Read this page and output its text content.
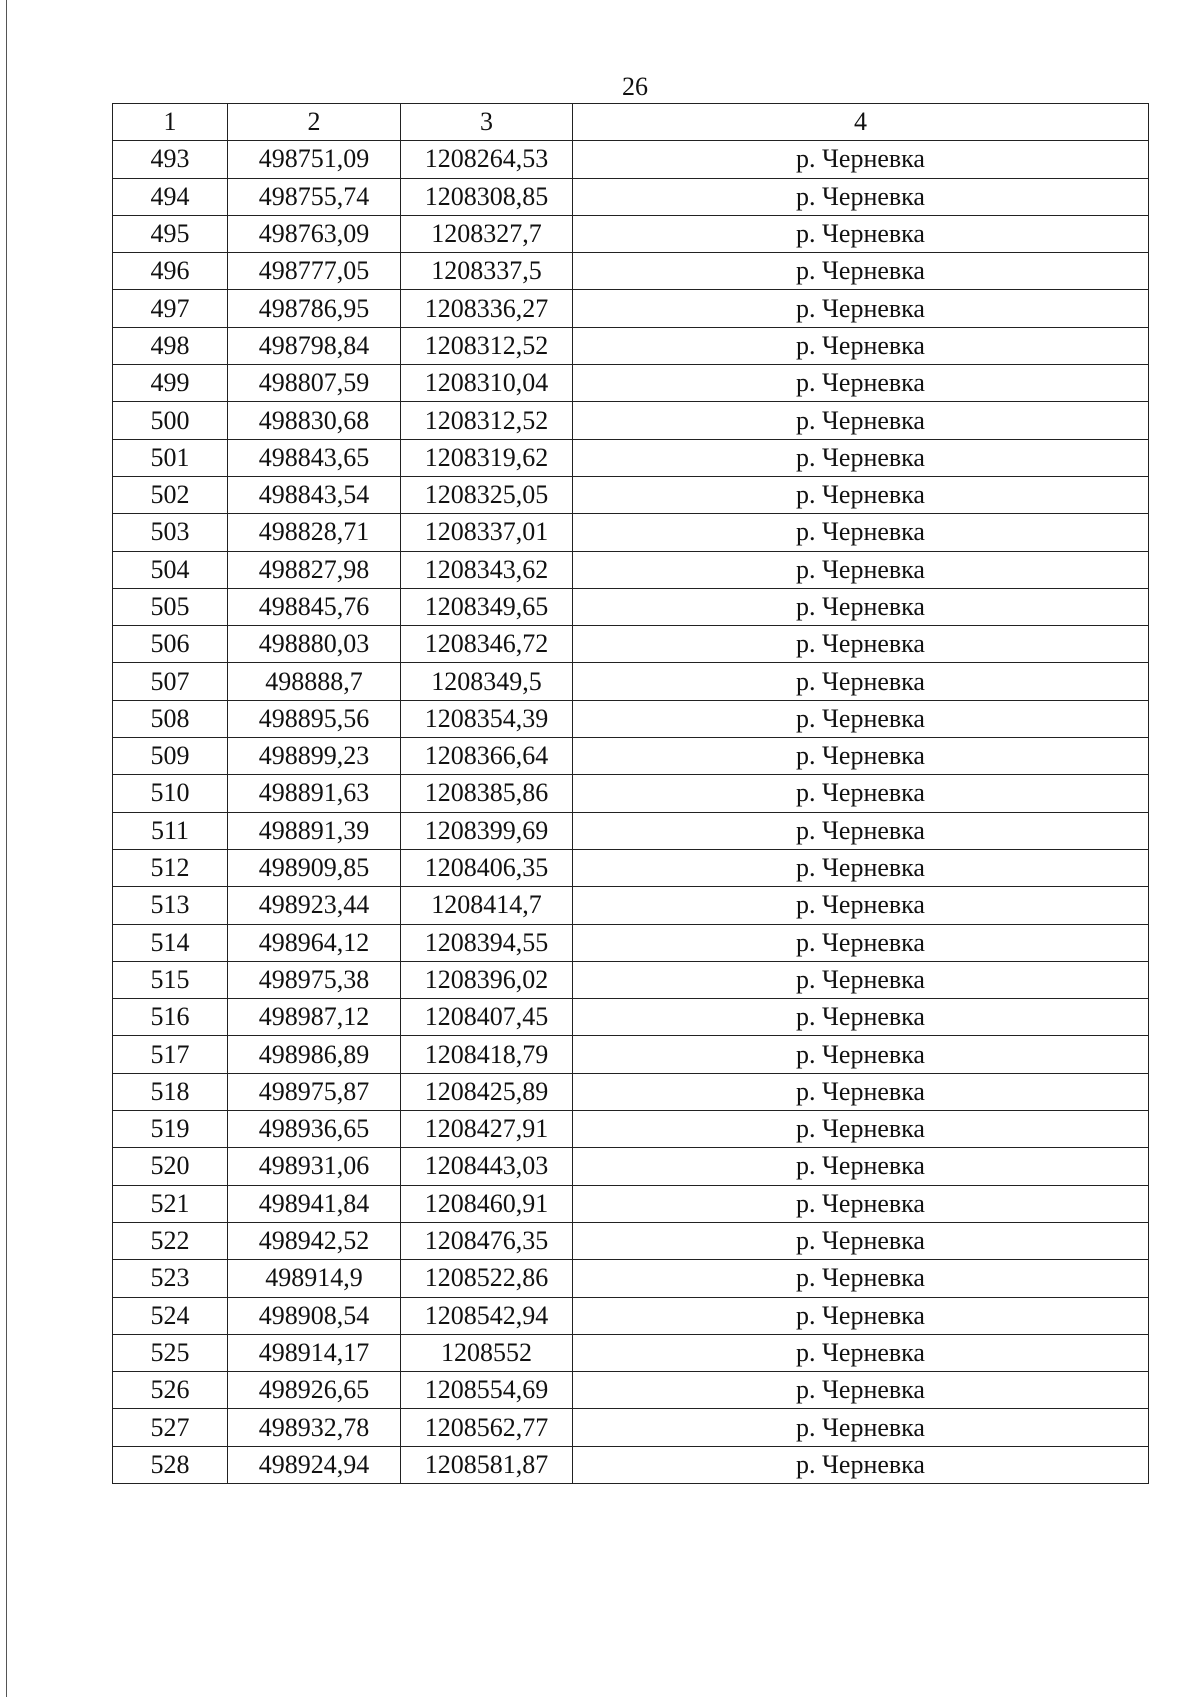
26
1	2	3	4
493	498751,09	1208264,53	р. Черневка
494	498755,74	1208308,85	р. Черневка
495	498763,09	1208327,7	р. Черневка
496	498777,05	1208337,5	р. Черневка
497	498786,95	1208336,27	р. Черневка
498	498798,84	1208312,52	р. Черневка
499	498807,59	1208310,04	р. Черневка
500	498830,68	1208312,52	р. Черневка
501	498843,65	1208319,62	р. Черневка
502	498843,54	1208325,05	р. Черневка
503	498828,71	1208337,01	р. Черневка
504	498827,98	1208343,62	р. Черневка
505	498845,76	1208349,65	р. Черневка
506	498880,03	1208346,72	р. Черневка
507	498888,7	1208349,5	р. Черневка
508	498895,56	1208354,39	р. Черневка
509	498899,23	1208366,64	р. Черневка
510	498891,63	1208385,86	р. Черневка
511	498891,39	1208399,69	р. Черневка
512	498909,85	1208406,35	р. Черневка
513	498923,44	1208414,7	р. Черневка
514	498964,12	1208394,55	р. Черневка
515	498975,38	1208396,02	р. Черневка
516	498987,12	1208407,45	р. Черневка
517	498986,89	1208418,79	р. Черневка
518	498975,87	1208425,89	р. Черневка
519	498936,65	1208427,91	р. Черневка
520	498931,06	1208443,03	р. Черневка
521	498941,84	1208460,91	р. Черневка
522	498942,52	1208476,35	р. Черневка
523	498914,9	1208522,86	р. Черневка
524	498908,54	1208542,94	р. Черневка
525	498914,17	1208552	р. Черневка
526	498926,65	1208554,69	р. Черневка
527	498932,78	1208562,77	р. Черневка
528	498924,94	1208581,87	р. Черневка
